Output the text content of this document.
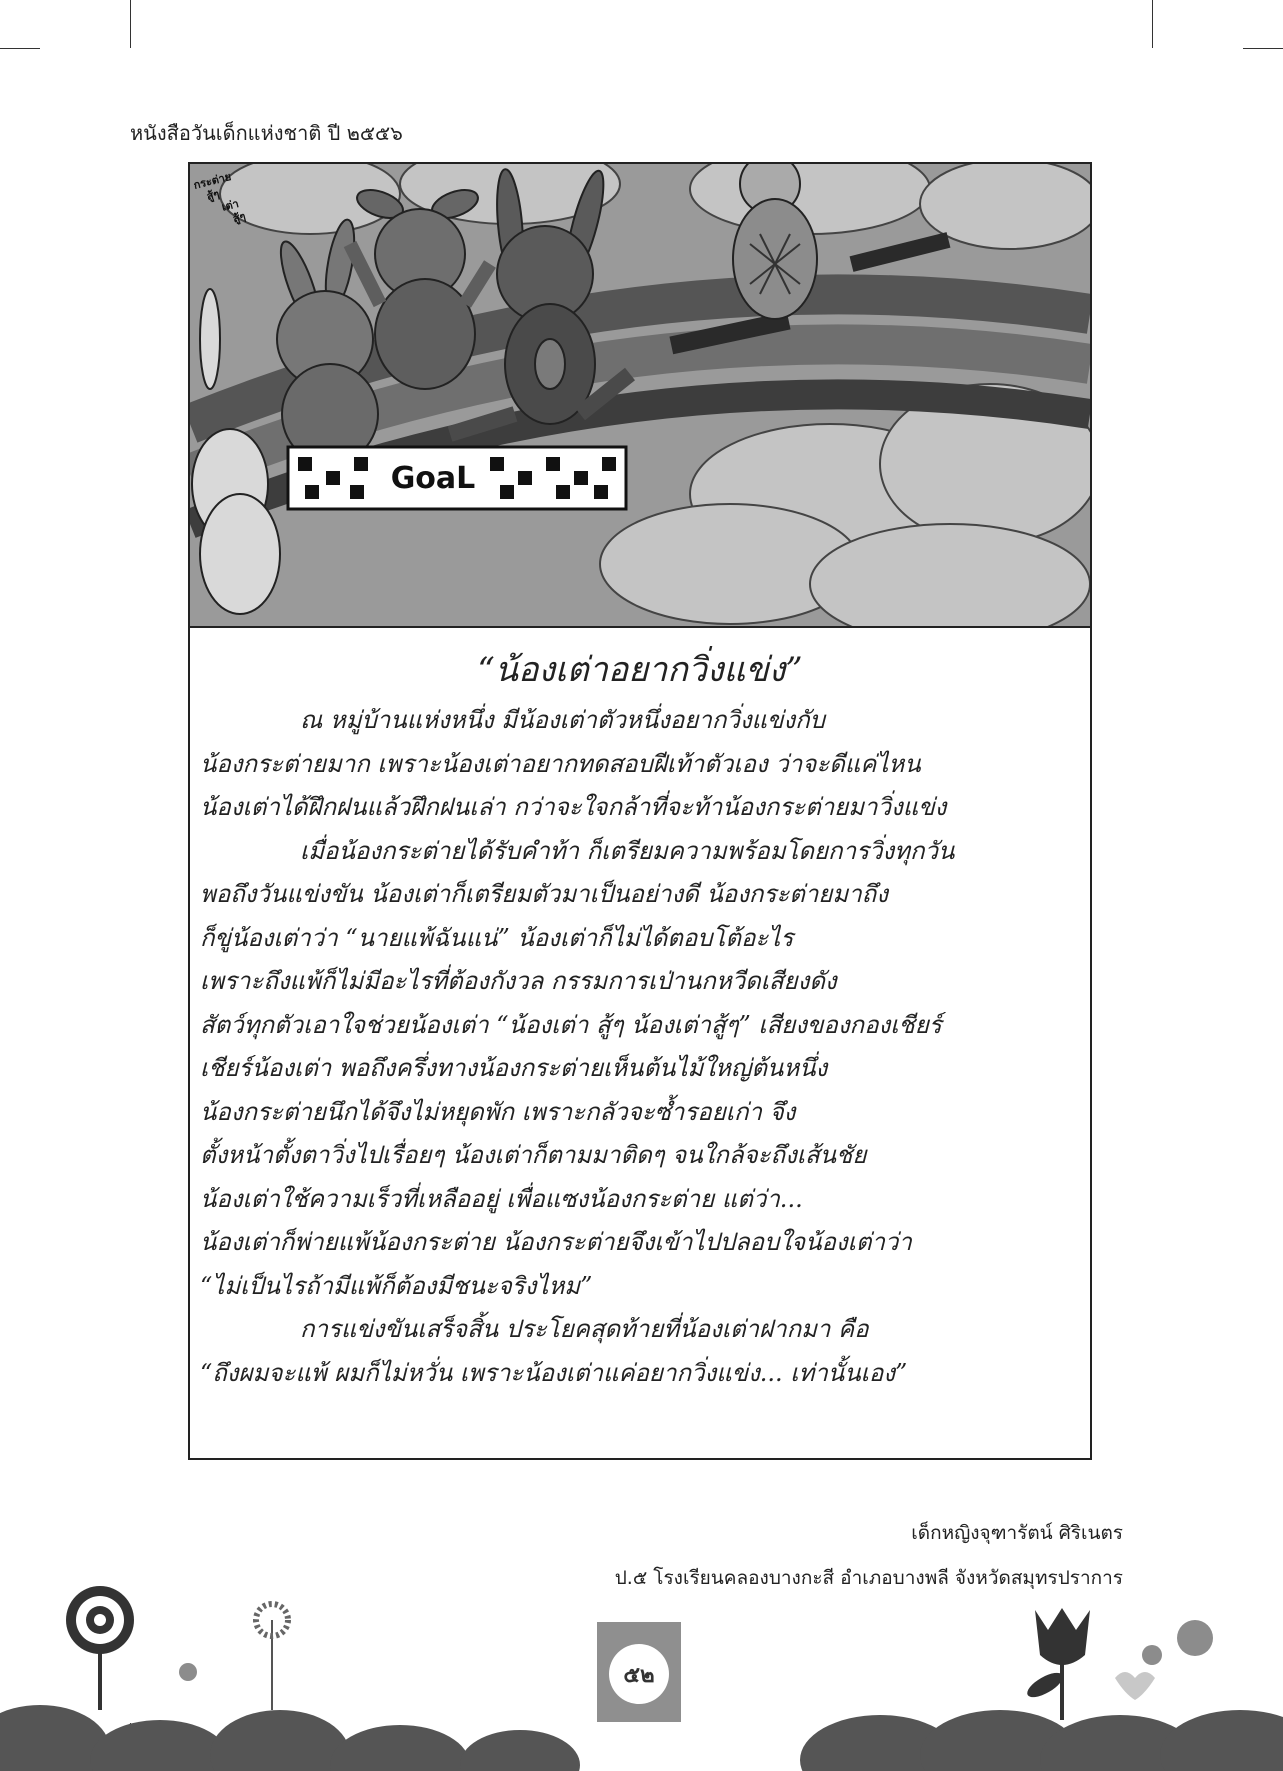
หนังสือวันเด็กแห่งชาติ ปี ๒๕๕๖
กระต่าย
สู้ๆ
เต่า
สู้ๆ
GoaL
“น้องเต่าอยากวิ่งแข่ง”
ณ หมู่บ้านแห่งหนึ่ง มีน้องเต่าตัวหนึ่งอยากวิ่งแข่งกับ
น้องกระต่ายมาก เพราะน้องเต่าอยากทดสอบฝีเท้าตัวเอง ว่าจะดีแค่ไหน
น้องเต่าได้ฝึกฝนแล้วฝึกฝนเล่า กว่าจะใจกล้าที่จะท้าน้องกระต่ายมาวิ่งแข่ง
เมื่อน้องกระต่ายได้รับคำท้า ก็เตรียมความพร้อมโดยการวิ่งทุกวัน
พอถึงวันแข่งขัน น้องเต่าก็เตรียมตัวมาเป็นอย่างดี น้องกระต่ายมาถึง
ก็ขู่น้องเต่าว่า “นายแพ้ฉันแน่” น้องเต่าก็ไม่ได้ตอบโต้อะไร
เพราะถึงแพ้ก็ไม่มีอะไรที่ต้องกังวล กรรมการเป่านกหวีดเสียงดัง
สัตว์ทุกตัวเอาใจช่วยน้องเต่า “น้องเต่า สู้ๆ น้องเต่าสู้ๆ” เสียงของกองเชียร์
เชียร์น้องเต่า พอถึงครึ่งทางน้องกระต่ายเห็นต้นไม้ใหญ่ต้นหนึ่ง
น้องกระต่ายนึกได้จึงไม่หยุดพัก เพราะกลัวจะซ้ำรอยเก่า จึง
ตั้งหน้าตั้งตาวิ่งไปเรื่อยๆ น้องเต่าก็ตามมาติดๆ จนใกล้จะถึงเส้นชัย
น้องเต่าใช้ความเร็วที่เหลืออยู่ เพื่อแซงน้องกระต่าย แต่ว่า...
น้องเต่าก็พ่ายแพ้น้องกระต่าย น้องกระต่ายจึงเข้าไปปลอบใจน้องเต่าว่า
“ไม่เป็นไรถ้ามีแพ้ก็ต้องมีชนะจริงไหม”
การแข่งขันเสร็จสิ้น ประโยคสุดท้ายที่น้องเต่าฝากมา คือ
“ถึงผมจะแพ้ ผมก็ไม่หวั่น เพราะน้องเต่าแค่อยากวิ่งแข่ง... เท่านั้นเอง”
เด็กหญิงจุฑารัตน์ ศิริเนตร
ป.๕ โรงเรียนคลองบางกะสี อำเภอบางพลี จังหวัดสมุทรปราการ
๕๒
